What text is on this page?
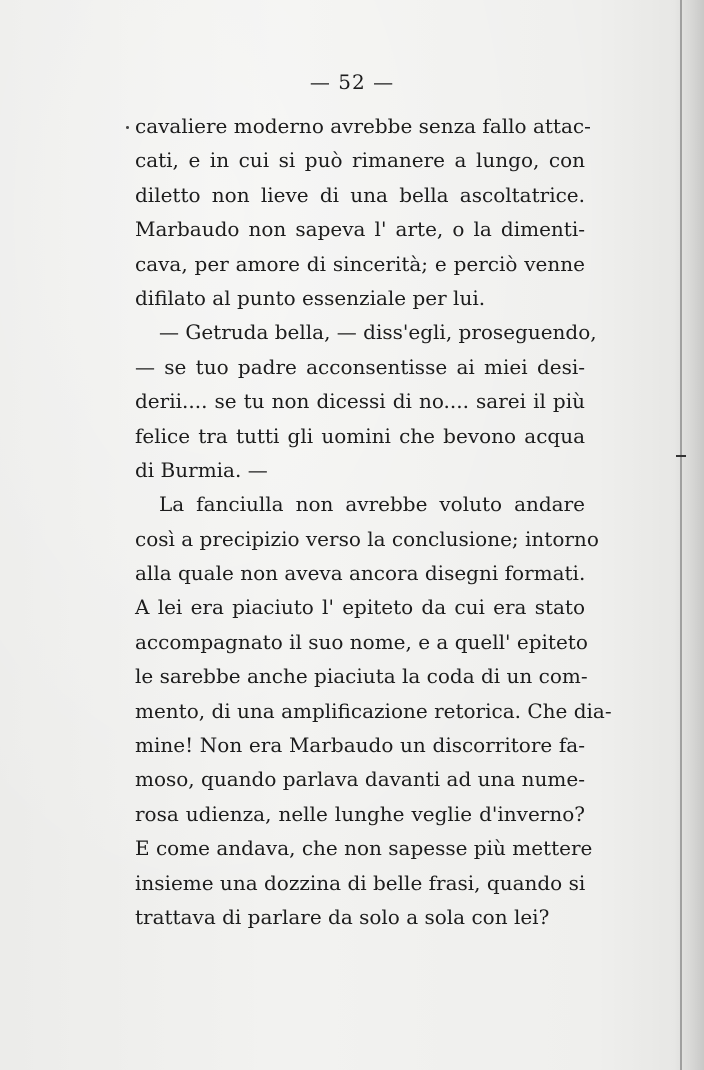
— 52 —
cavaliere moderno avrebbe senza fallo attac-
cati, e in cui si può rimanere a lungo, con
diletto non lieve di una bella ascoltatrice.
Marbaudo non sapeva l' arte, o la dimenti-
cava, per amore di sincerità; e perciò venne
difilato al punto essenziale per lui.
— Getruda bella, — diss'egli, proseguendo,
— se tuo padre acconsentisse ai miei desi-
derii.... se tu non dicessi di no.... sarei il più
felice tra tutti gli uomini che bevono acqua
di Burmia. —
La fanciulla non avrebbe voluto andare
così a precipizio verso la conclusione; intorno
alla quale non aveva ancora disegni formati.
A lei era piaciuto l' epiteto da cui era stato
accompagnato il suo nome, e a quell' epiteto
le sarebbe anche piaciuta la coda di un com-
mento, di una amplificazione retorica. Che dia-
mine! Non era Marbaudo un discorritore fa-
moso, quando parlava davanti ad una nume-
rosa udienza, nelle lunghe veglie d'inverno?
E come andava, che non sapesse più mettere
insieme una dozzina di belle frasi, quando si
trattava di parlare da solo a sola con lei?
